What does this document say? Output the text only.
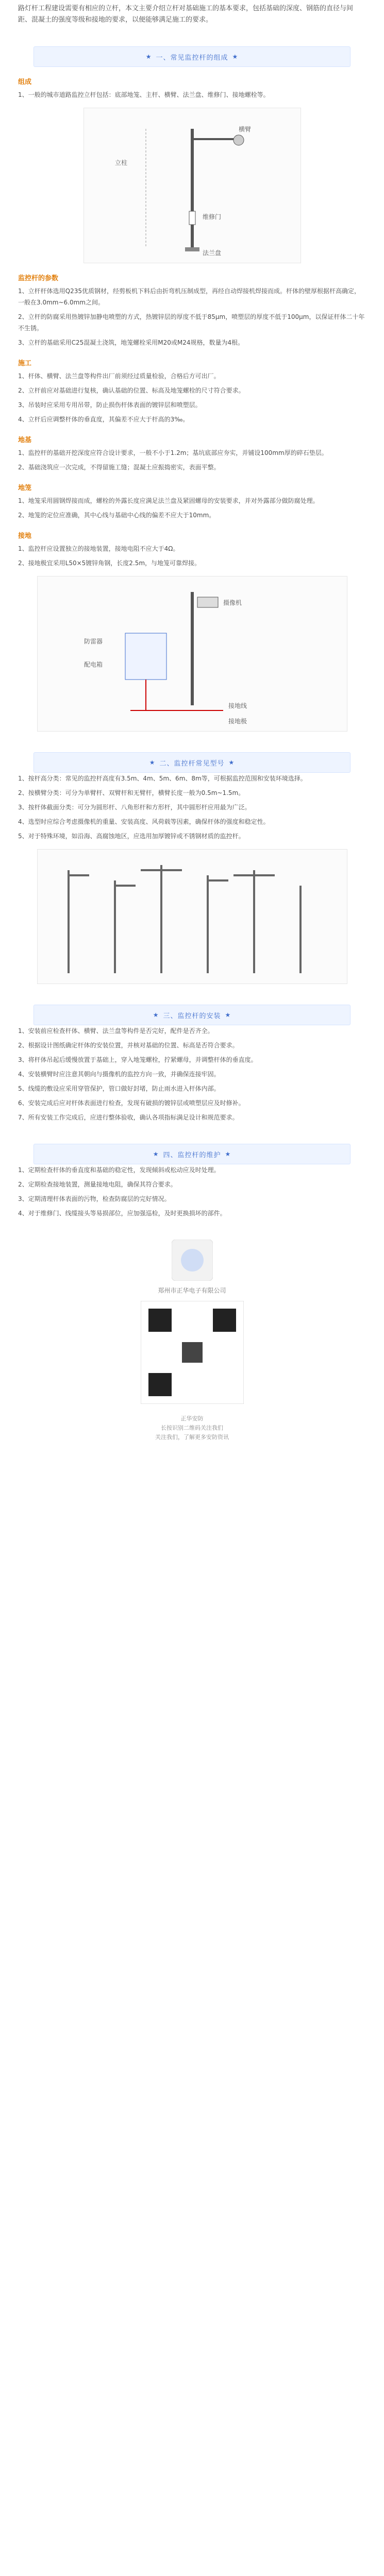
路灯杆工程建设需要有相应的立杆，本文主要介绍立杆对基础施工的基本要求，包括基础的深度、钢筋的直径与间距、混凝土的强度等级和接地的要求，以便能够满足施工的要求。

★ 一、常见监控杆的组成 ★
组成

1、一般的城市道路监控立杆包括：底部地笼、主杆、横臂、法兰盘、维修门、接地螺栓等。

立柱
横臂
维修门
法兰盘
监控杆的参数

1、立杆杆体选用Q235优质钢材，经剪板机下料后由折弯机压制成型，再经自动焊接机焊接而成。杆体的壁厚根据杆高确定，一般在3.0mm~6.0mm之间。

2、立杆的防腐采用热镀锌加静电喷塑的方式，热镀锌层的厚度不低于85μm，喷塑层的厚度不低于100μm，以保证杆体二十年不生锈。

3、立杆的基础采用C25混凝土浇筑，地笼螺栓采用M20或M24规格，数量为4根。

施工

1、杆体、横臂、法兰盘等构件出厂前须经过质量检验，合格后方可出厂。

2、立杆前应对基础进行复核，确认基础的位置、标高及地笼螺栓的尺寸符合要求。

3、吊装时应采用专用吊带，防止损伤杆体表面的镀锌层和喷塑层。

4、立杆后应调整杆体的垂直度，其偏差不应大于杆高的3‰。

地基

1、监控杆的基础开挖深度应符合设计要求，一般不小于1.2m；基坑底部应夯实，并铺设100mm厚的碎石垫层。

2、基础浇筑应一次完成，不得留施工缝；混凝土应振捣密实，表面平整。

地笼

1、地笼采用圆钢焊接而成，螺栓的外露长度应满足法兰盘及紧固螺母的安装要求，并对外露部分做防腐处理。

2、地笼的定位应准确，其中心线与基础中心线的偏差不应大于10mm。

接地

1、监控杆应设置独立的接地装置，接地电阻不应大于4Ω。

2、接地极宜采用L50×5镀锌角钢，长度2.5m，与地笼可靠焊接。

摄像机
防雷器
配电箱
接地线
接地极
★ 二、监控杆常见型号 ★

1、按杆高分类：常见的监控杆高度有3.5m、4m、5m、6m、8m等，可根据监控范围和安装环境选择。

2、按横臂分类：可分为单臂杆、双臂杆和无臂杆，横臂长度一般为0.5m~1.5m。

3、按杆体截面分类：可分为圆形杆、八角形杆和方形杆，其中圆形杆应用最为广泛。

4、选型时应综合考虑摄像机的重量、安装高度、风荷载等因素，确保杆体的强度和稳定性。

5、对于特殊环境，如沿海、高腐蚀地区，应选用加厚镀锌或不锈钢材质的监控杆。

★ 三、监控杆的安装 ★

1、安装前应检查杆体、横臂、法兰盘等构件是否完好，配件是否齐全。

2、根据设计图纸确定杆体的安装位置，并核对基础的位置、标高是否符合要求。

3、将杆体吊起后缓慢放置于基础上，穿入地笼螺栓，拧紧螺母，并调整杆体的垂直度。

4、安装横臂时应注意其朝向与摄像机的监控方向一致，并确保连接牢固。

5、线缆的敷设应采用穿管保护，管口做好封堵，防止雨水进入杆体内部。

6、安装完成后应对杆体表面进行检查，发现有破损的镀锌层或喷塑层应及时修补。

7、所有安装工作完成后，应进行整体验收，确认各项指标满足设计和规范要求。

★ 四、监控杆的维护 ★

1、定期检查杆体的垂直度和基础的稳定性，发现倾斜或松动应及时处理。

2、定期检查接地装置，测量接地电阻，确保其符合要求。

3、定期清理杆体表面的污物，检查防腐层的完好情况。

4、对于维修门、线缆接头等易损部位，应加强巡检，及时更换损坏的部件。

郑州市正华电子有限公司
正华安防
长按识别二维码关注我们
关注我们，了解更多安防资讯
